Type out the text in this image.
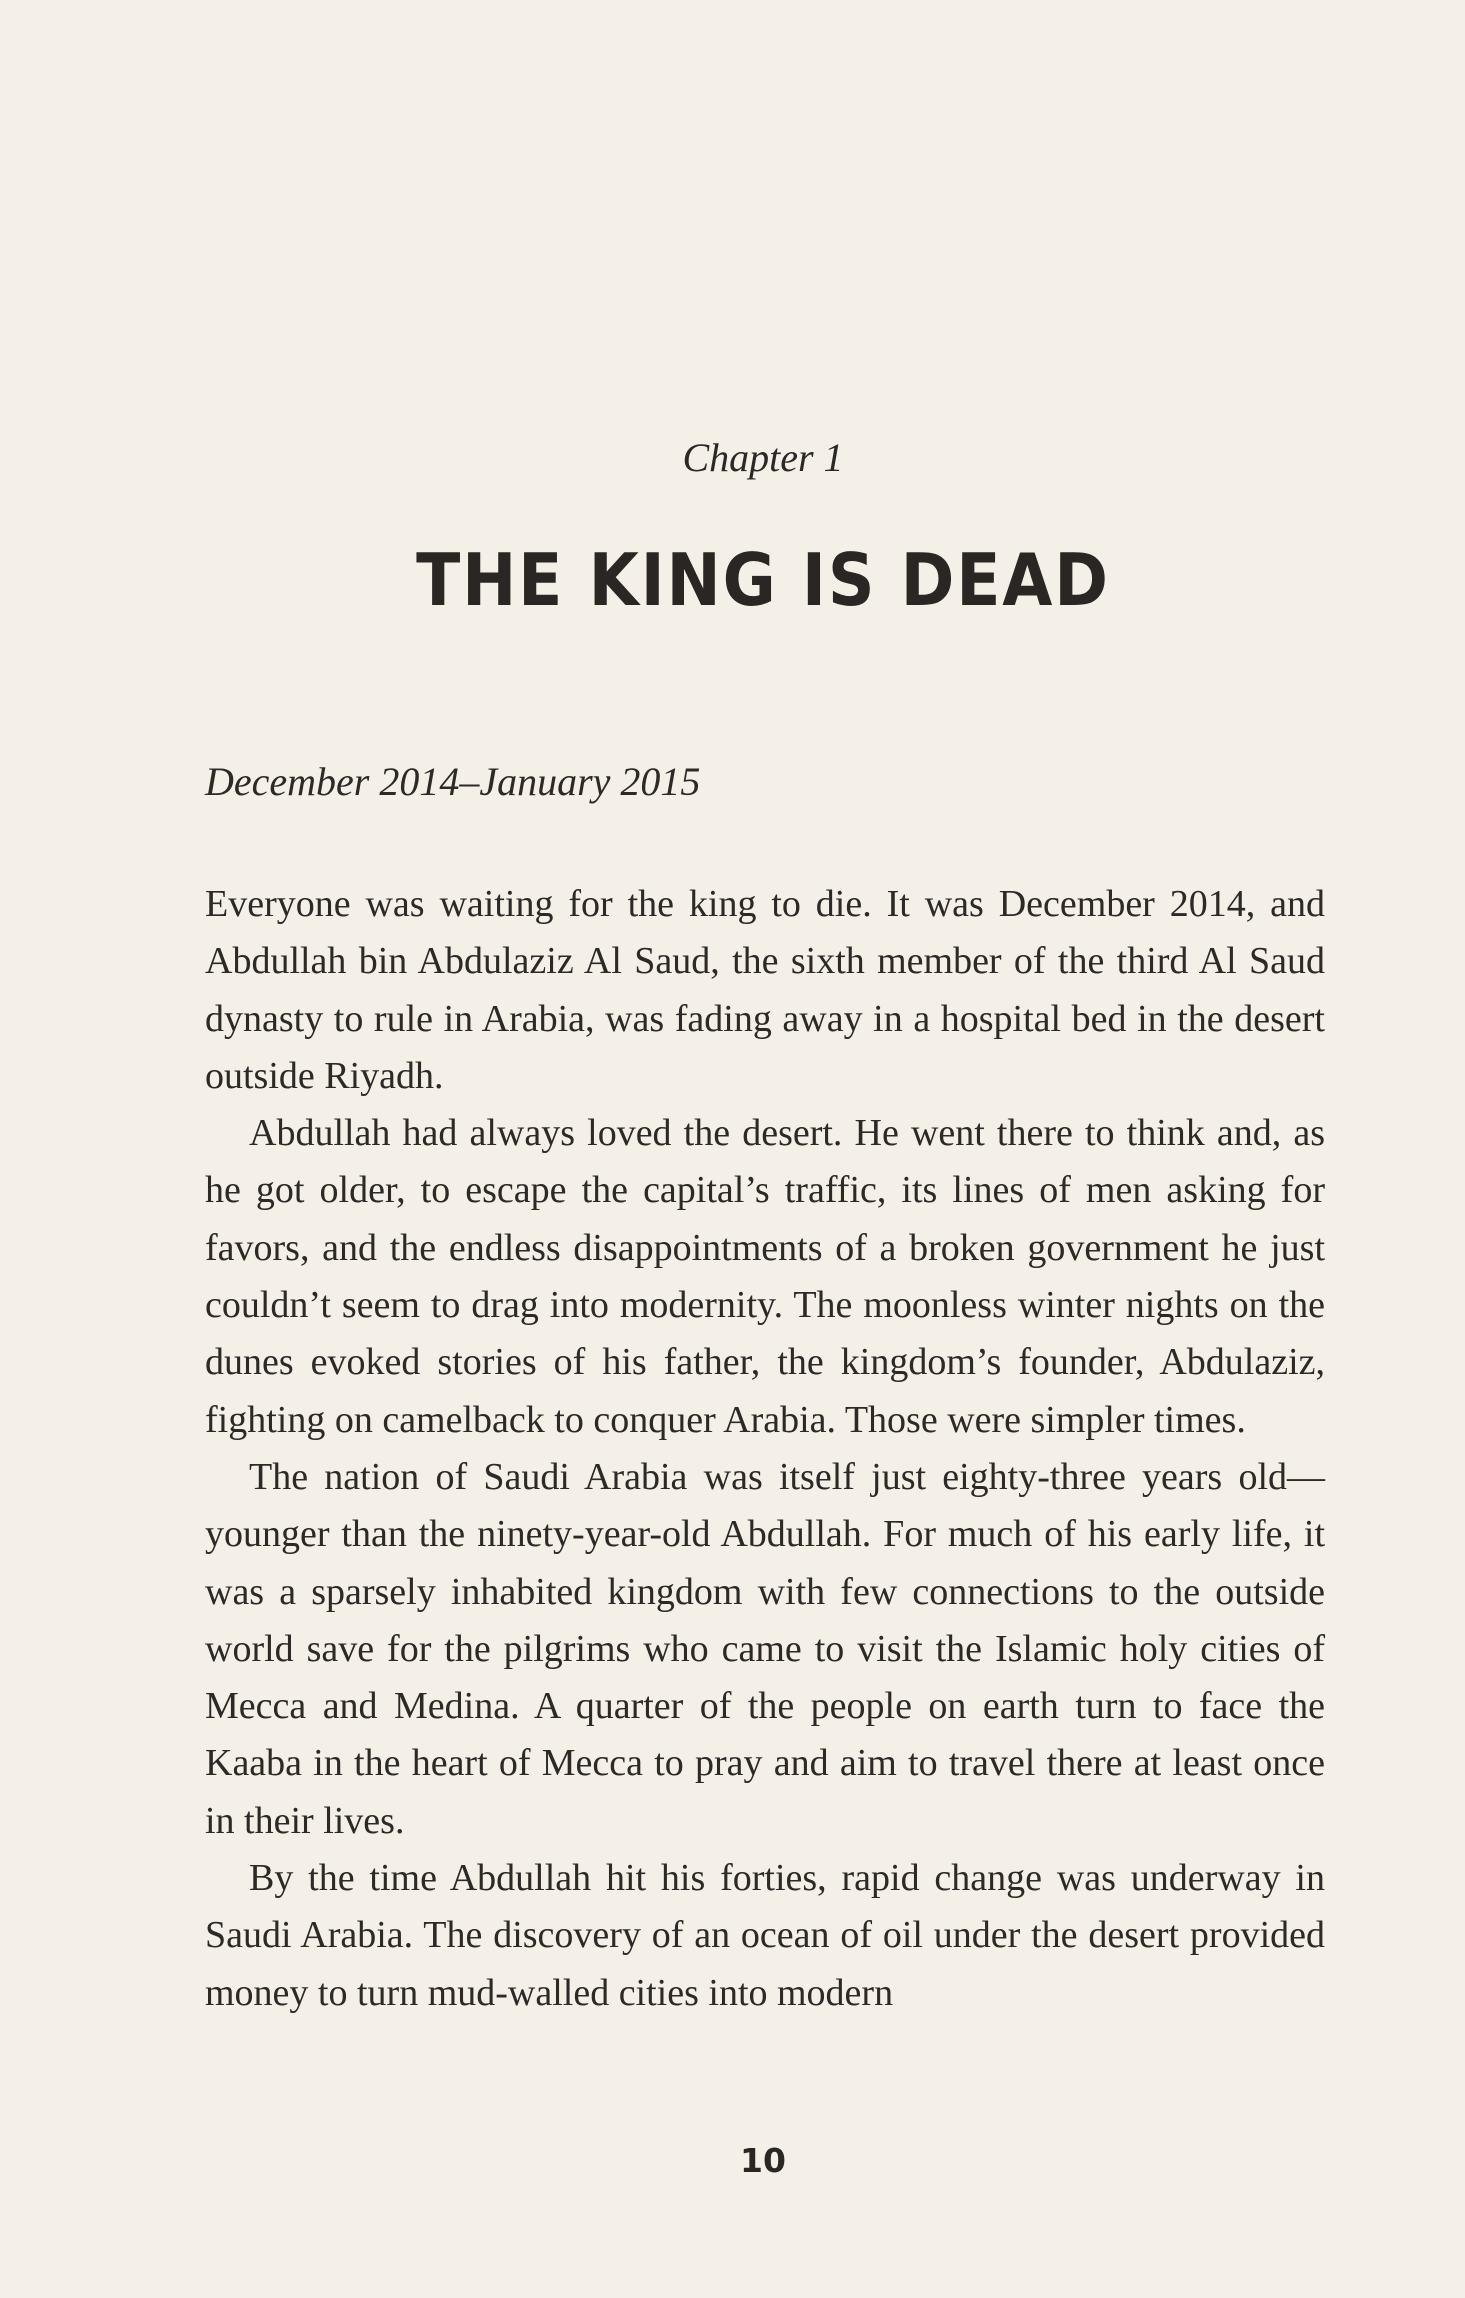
Chapter 1
THE KING IS DEAD
December 2014–January 2015

Everyone was waiting for the king to die. It was December 2014, and Abdullah bin Abdulaziz Al Saud, the sixth member of the third Al Saud dynasty to rule in Arabia, was fading away in a hospital bed in the desert outside Riyadh.

Abdullah had always loved the desert. He went there to think and, as he got older, to escape the capital’s traffic, its lines of men asking for favors, and the endless disappointments of a broken government he just couldn’t seem to drag into modernity. The moonless winter nights on the dunes evoked stories of his father, the kingdom’s founder, Abdulaziz, fighting on camelback to conquer Arabia. Those were simpler times.

The nation of Saudi Arabia was itself just eighty-three years old—younger than the ninety-year-old Abdullah. For much of his early life, it was a sparsely inhabited kingdom with few connections to the outside world save for the pilgrims who came to visit the Islamic holy cities of Mecca and Medina. A quarter of the people on earth turn to face the Kaaba in the heart of Mecca to pray and aim to travel there at least once in their lives.

By the time Abdullah hit his forties, rapid change was underway in Saudi Arabia. The discovery of an ocean of oil under the desert provided money to turn mud-walled cities into modern

10
